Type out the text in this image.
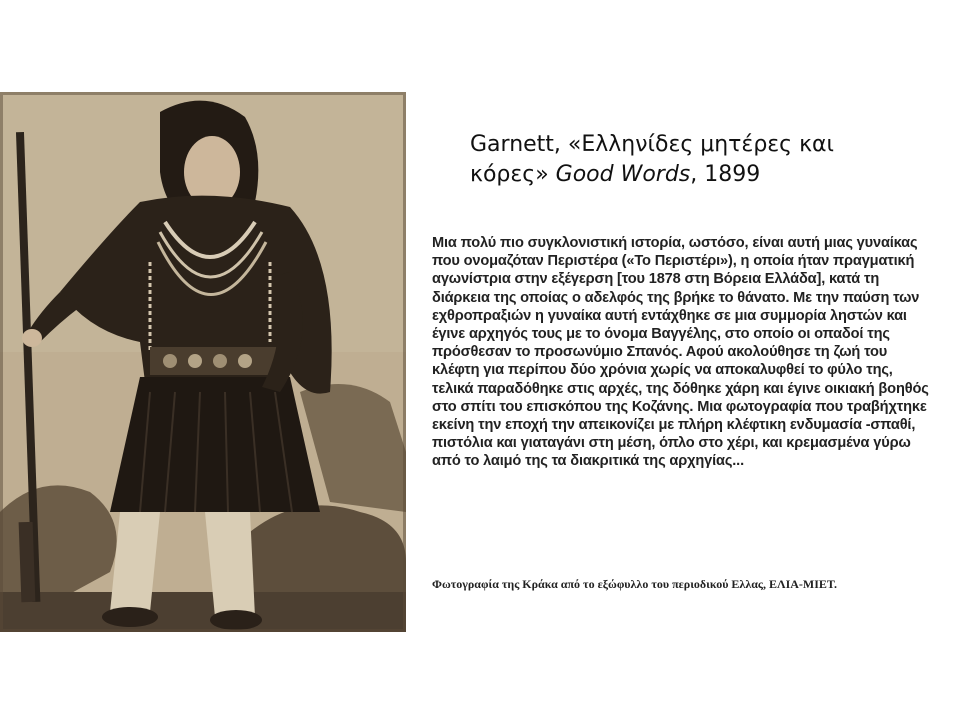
Garnett, «Ελληνίδες μητέρες και
κόρες» Good Words, 1899
Μια πολύ πιο συγκλονιστική ιστορία, ωστόσο, είναι αυτή μιας γυναίκας που ονομαζόταν Περιστέρα («Το Περιστέρι»), η οποία ήταν πραγματική αγωνίστρια στην εξέγερση [του 1878 στη Βόρεια Ελλάδα], κατά τη διάρκεια της οποίας ο αδελφός της βρήκε το θάνατο. Με την παύση των εχθροπραξιών η γυναίκα αυτή εντάχθηκε σε μια συμμορία ληστών και έγινε αρχηγός τους με το όνομα Βαγγέλης, στο οποίο οι οπαδοί της πρόσθεσαν το προσωνύμιο Σπανός. Αφού ακολούθησε τη ζωή του κλέφτη για περίπου δύο χρόνια χωρίς να αποκαλυφθεί το φύλο της, τελικά παραδόθηκε στις αρχές, της δόθηκε χάρη και έγινε οικιακή βοηθός στο σπίτι του επισκόπου της Κοζάνης. Μια φωτογραφία που τραβήχτηκε εκείνη την εποχή την απεικονίζει με πλήρη κλέφτικη ενδυμασία -σπαθί, πιστόλια και γιαταγάνι στη μέση, όπλο στο χέρι, και κρεμασμένα γύρω από το λαιμό της τα διακριτικά της αρχηγίας...
Φωτογραφία της Κράκα από το εξώφυλλο του περιοδικού Ελλας, ΕΛΙΑ-ΜΙΕΤ.
